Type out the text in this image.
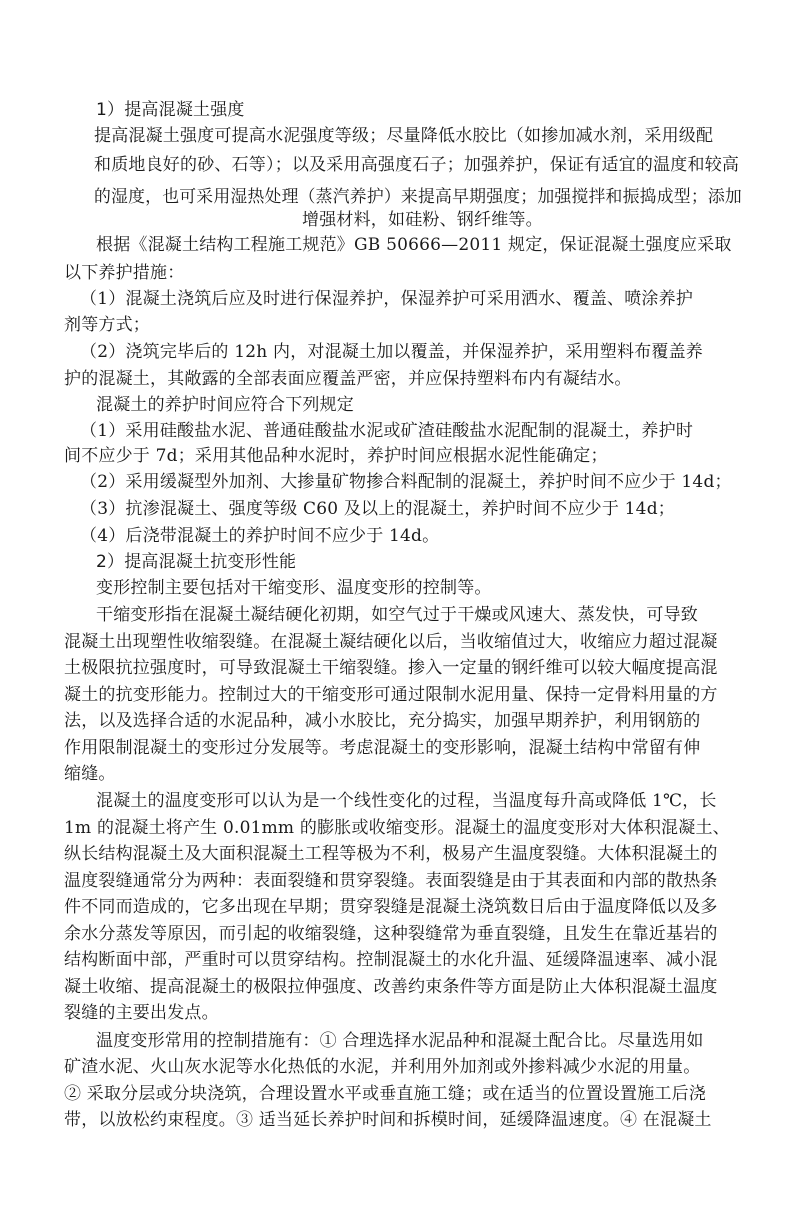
1）提高混凝土强度
提高混凝土强度可提高水泥强度等级；尽量降低水胶比（如掺加减水剂，采用级配
和质地良好的砂、石等）；以及采用高强度石子；加强养护，保证有适宜的温度和较高
的湿度，也可采用湿热处理（蒸汽养护）来提高早期强度；加强搅拌和振捣成型；添加
增强材料，如硅粉、钢纤维等。
根据《混凝土结构工程施工规范》GB 50666—2011 规定，保证混凝土强度应采取
以下养护措施：
（1）混凝土浇筑后应及时进行保湿养护，保湿养护可采用洒水、覆盖、喷涂养护
剂等方式；
（2）浇筑完毕后的 12h 内，对混凝土加以覆盖，并保湿养护，采用塑料布覆盖养
护的混凝土，其敞露的全部表面应覆盖严密，并应保持塑料布内有凝结水。
混凝土的养护时间应符合下列规定
（1）采用硅酸盐水泥、普通硅酸盐水泥或矿渣硅酸盐水泥配制的混凝土，养护时
间不应少于 7d；采用其他品种水泥时，养护时间应根据水泥性能确定；
（2）采用缓凝型外加剂、大掺量矿物掺合料配制的混凝土，养护时间不应少于 14d；
（3）抗渗混凝土、强度等级 C60 及以上的混凝土，养护时间不应少于 14d；
（4）后浇带混凝土的养护时间不应少于 14d。
2）提高混凝土抗变形性能
变形控制主要包括对干缩变形、温度变形的控制等。
干缩变形指在混凝土凝结硬化初期，如空气过于干燥或风速大、蒸发快，可导致
混凝土出现塑性收缩裂缝。在混凝土凝结硬化以后，当收缩值过大，收缩应力超过混凝
土极限抗拉强度时，可导致混凝土干缩裂缝。掺入一定量的钢纤维可以较大幅度提高混
凝土的抗变形能力。控制过大的干缩变形可通过限制水泥用量、保持一定骨料用量的方
法，以及选择合适的水泥品种，减小水胶比，充分捣实，加强早期养护，利用钢筋的
作用限制混凝土的变形过分发展等。考虑混凝土的变形影响，混凝土结构中常留有伸
缩缝。
混凝土的温度变形可以认为是一个线性变化的过程，当温度每升高或降低 1℃，长
1m 的混凝土将产生 0.01mm 的膨胀或收缩变形。混凝土的温度变形对大体积混凝土、
纵长结构混凝土及大面积混凝土工程等极为不利，极易产生温度裂缝。大体积混凝土的
温度裂缝通常分为两种：表面裂缝和贯穿裂缝。表面裂缝是由于其表面和内部的散热条
件不同而造成的，它多出现在早期；贯穿裂缝是混凝土浇筑数日后由于温度降低以及多
余水分蒸发等原因，而引起的收缩裂缝，这种裂缝常为垂直裂缝，且发生在靠近基岩的
结构断面中部，严重时可以贯穿结构。控制混凝土的水化升温、延缓降温速率、减小混
凝土收缩、提高混凝土的极限拉伸强度、改善约束条件等方面是防止大体积混凝土温度
裂缝的主要出发点。
温度变形常用的控制措施有：① 合理选择水泥品种和混凝土配合比。尽量选用如
矿渣水泥、火山灰水泥等水化热低的水泥，并利用外加剂或外掺料减少水泥的用量。
② 采取分层或分块浇筑，合理设置水平或垂直施工缝；或在适当的位置设置施工后浇
带，以放松约束程度。③ 适当延长养护时间和拆模时间，延缓降温速度。④ 在混凝土
